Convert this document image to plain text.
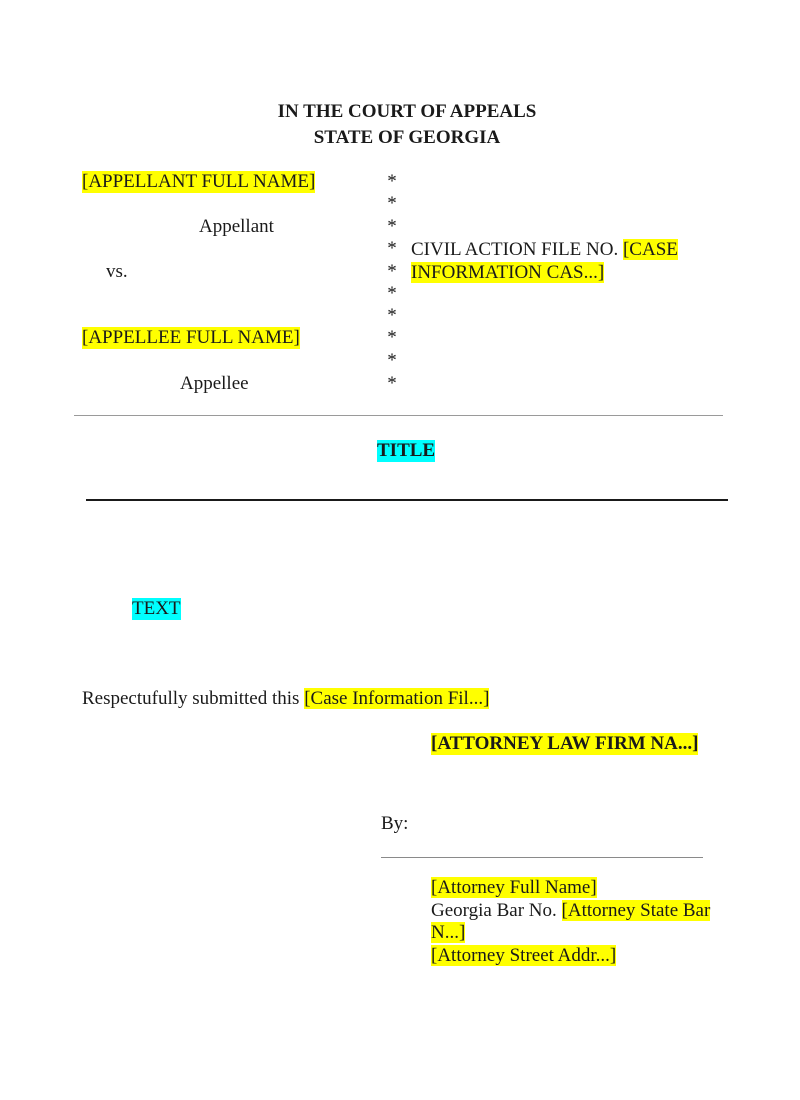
IN THE COURT OF APPEALS
STATE OF GEORGIA
[APPELLANT FULL NAME]
Appellant
vs.
[APPELLEE FULL NAME]
Appellee
*
*
*
*
*
*
*
*
*
*
CIVIL ACTION FILE NO. [CASE INFORMATION CAS...]
TITLE
TEXT
Respectufully submitted this [Case Information Fil...]
[ATTORNEY LAW FIRM NA...]
By:
[Attorney Full Name]
Georgia Bar No. [Attorney State Bar N...]
[Attorney Street Addr...]
